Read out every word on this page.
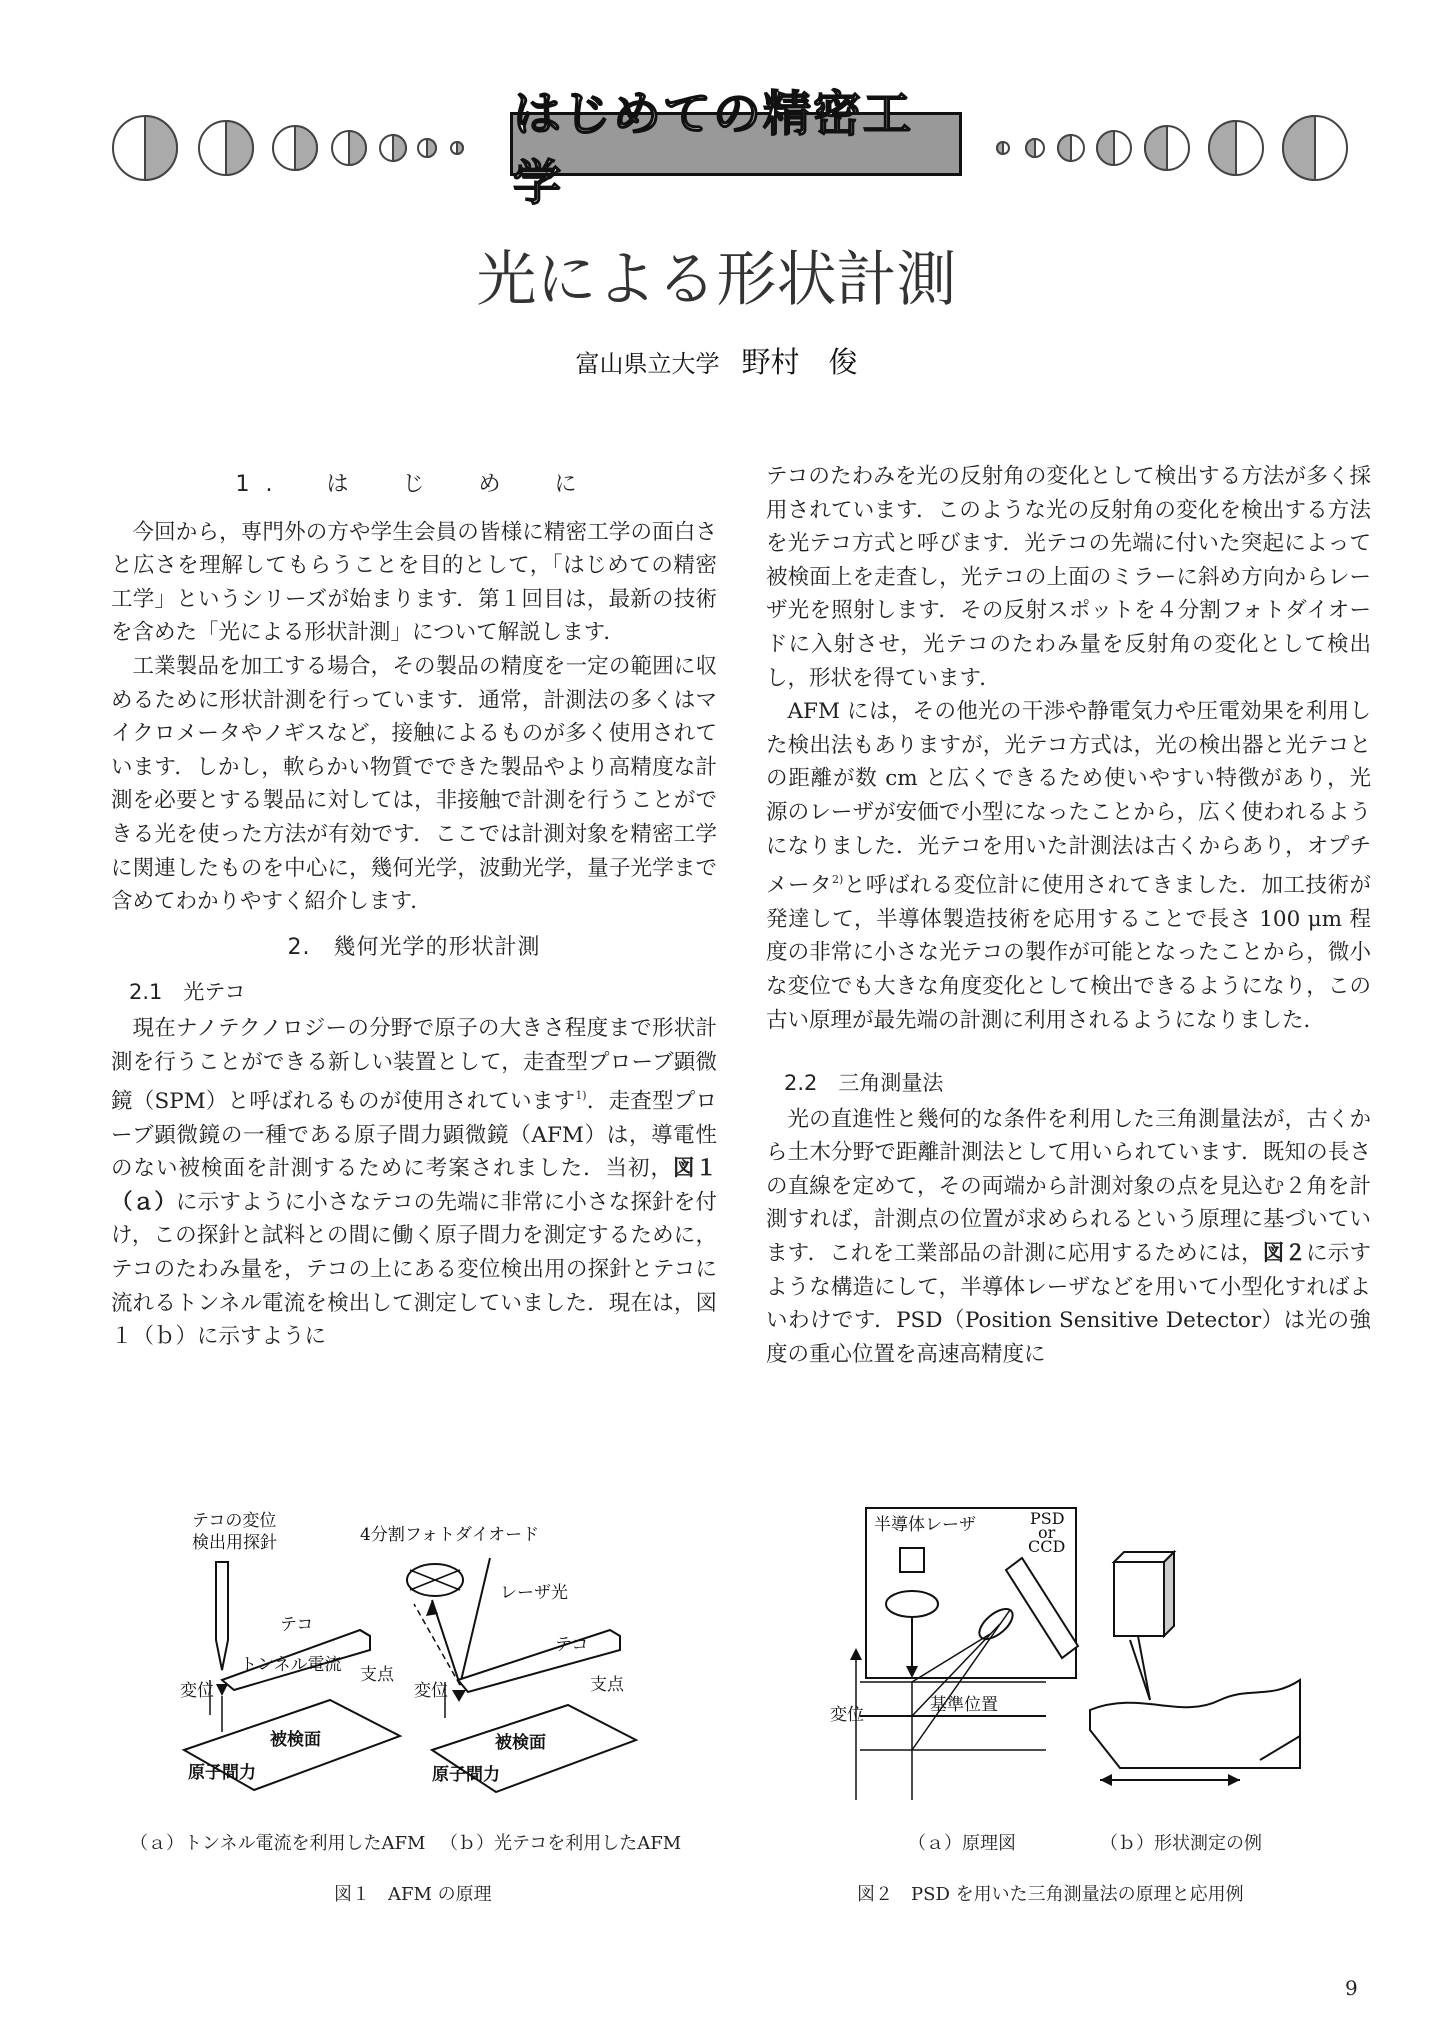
はじめての精密工学
光による形状計測
富山県立大学 野村　俊
1.　は　じ　め　に

今回から，専門外の方や学生会員の皆様に精密工学の面白さと広さを理解してもらうことを目的として，「はじめての精密工学」というシリーズが始まります．第１回目は，最新の技術を含めた「光による形状計測」について解説します．

工業製品を加工する場合，その製品の精度を一定の範囲に収めるために形状計測を行っています．通常，計測法の多くはマイクロメータやノギスなど，接触によるものが多く使用されています．しかし，軟らかい物質でできた製品やより高精度な計測を必要とする製品に対しては，非接触で計測を行うことができる光を使った方法が有効です．ここでは計測対象を精密工学に関連したものを中心に，幾何光学，波動光学，量子光学まで含めてわかりやすく紹介します．

2.　幾何光学的形状計測
2.1　光テコ

現在ナノテクノロジーの分野で原子の大きさ程度まで形状計測を行うことができる新しい装置として，走査型プローブ顕微鏡（SPM）と呼ばれるものが使用されています$^{1)}$．走査型プローブ顕微鏡の一種である原子間力顕微鏡（AFM）は，導電性のない被検面を計測するために考案されました．当初，図１（ａ）に示すように小さなテコの先端に非常に小さな探針を付け，この探針と試料との間に働く原子間力を測定するために，テコのたわみ量を，テコの上にある変位検出用の探針とテコに流れるトンネル電流を検出して測定していました．現在は，図１（ｂ）に示すように

テコのたわみを光の反射角の変化として検出する方法が多く採用されています．このような光の反射角の変化を検出する方法を光テコ方式と呼びます．光テコの先端に付いた突起によって被検面上を走査し，光テコの上面のミラーに斜め方向からレーザ光を照射します．その反射スポットを４分割フォトダイオードに入射させ，光テコのたわみ量を反射角の変化として検出し，形状を得ています．

AFM には，その他光の干渉や静電気力や圧電効果を利用した検出法もありますが，光テコ方式は，光の検出器と光テコとの距離が数 cm と広くできるため使いやすい特徴があり，光源のレーザが安価で小型になったことから，広く使われるようになりました．光テコを用いた計測法は古くからあり，オプチメータ$^{2)}$と呼ばれる変位計に使用されてきました．加工技術が発達して，半導体製造技術を応用することで長さ 100 μm 程度の非常に小さな光テコの製作が可能となったことから，微小な変位でも大きな角度変化として検出できるようになり，この古い原理が最先端の計測に利用されるようになりました．

2.2　三角測量法

光の直進性と幾何的な条件を利用した三角測量法が，古くから土木分野で距離計測法として用いられています．既知の長さの直線を定めて，その両端から計測対象の点を見込む２角を計測すれば，計測点の位置が求められるという原理に基づいています．これを工業部品の計測に応用するためには，図２に示すような構造にして，半導体レーザなどを用いて小型化すればよいわけです．PSD（Position Sensitive Detector）は光の強度の重心位置を高速高精度に

テコの変位
検出用探針
テコ
トンネル電流 支点
変位
被検面
原子間力
4分割フォトダイオード
レーザ光
テコ
支点
変位
被検面
原子間力
（ａ）トンネル電流を利用したAFM （ｂ）光テコを利用したAFM
図１　AFM の原理
半導体レーザ	PSD
or
CCD
基準位置
変位
（ａ）原理図	（ｂ）形状測定の例
図２　PSD を用いた三角測量法の原理と応用例
9
